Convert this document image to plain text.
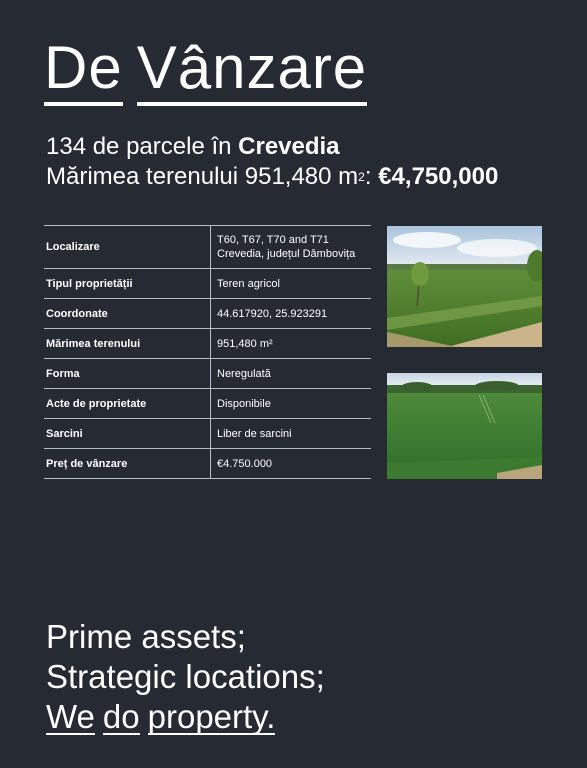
De Vânzare
134 de parcele în Crevedia
Mărimea terenului 951,480 $m^2$: €4,750,000
Localizare	T60, T67, T70 and T71
Crevedia, județul Dâmbovița

Tipul proprietății	Teren agricol
Coordonate	44.617920, 25.923291
Mărimea terenului	951,480 m²
Forma	Neregulată
Acte de proprietate	Disponibile
Sarcini	Liber de sarcini
Preț de vânzare	€4.750.000
Prime assets;
Strategic locations;
We do property.
